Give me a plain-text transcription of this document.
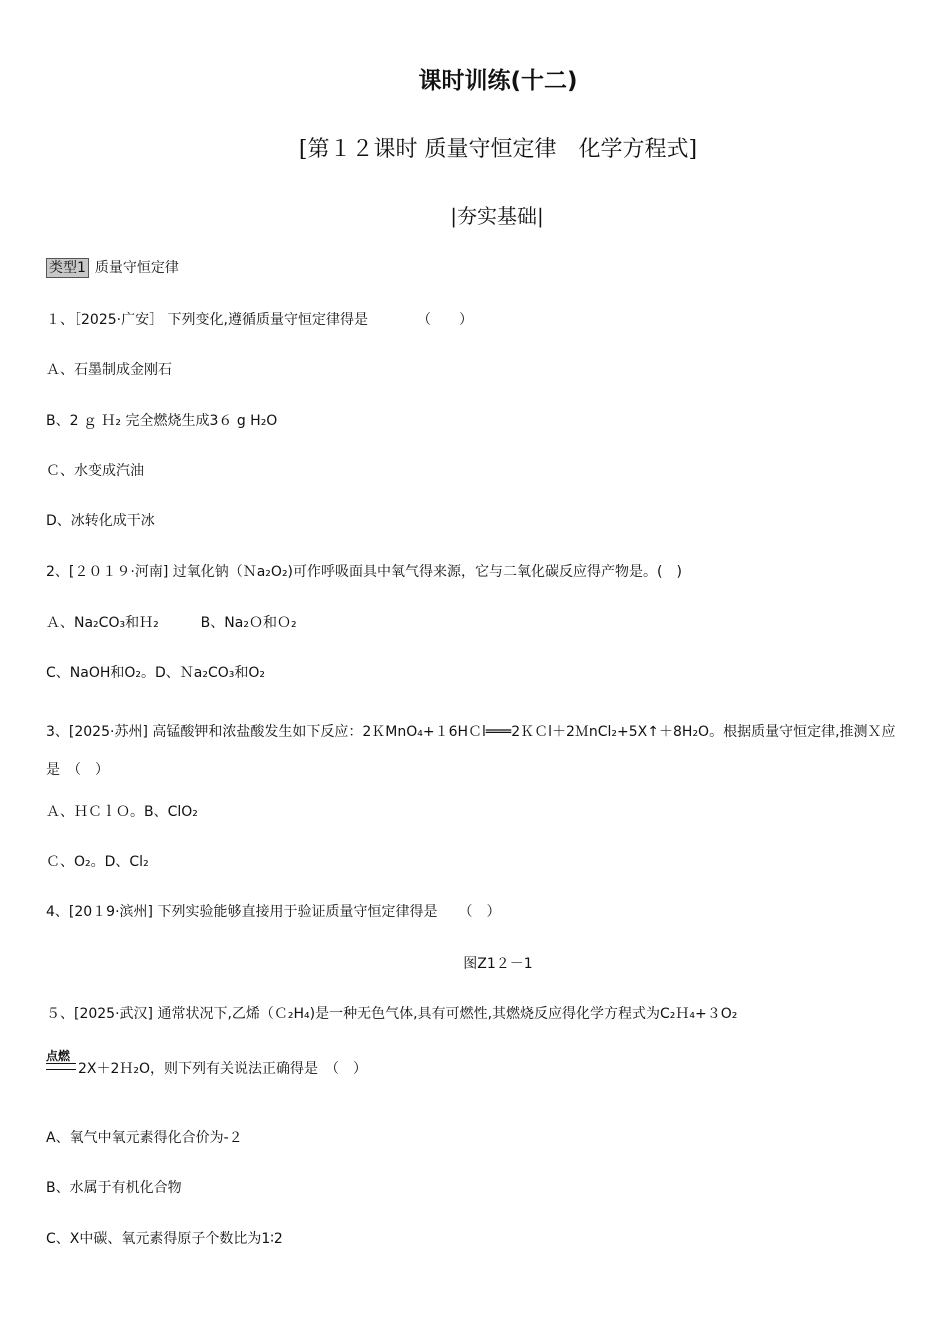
课时训练(十二)
[第１２课时 质量守恒定律　化学方程式]
|夯实基础|
类型1 质量守恒定律
１、［2025·广安］ 下列变化,遵循质量守恒定律得是　　　　（　　）
Ａ、石墨制成金刚石
B、2 ｇ Ｈ₂ 完全燃烧生成3６ g H₂O
Ｃ、水变成汽油
D、冰转化成干冰
2、[２０１９·河南] 过氧化钠（Ｎa₂O₂)可作呼吸面具中氧气得来源，它与二氧化碳反应得产物是。(　)
Ａ、Na₂CO₃和Ｈ₂　　　B、Na₂Ｏ和Ｏ₂
C、NaOH和O₂。D、Ｎa₂CO₃和O₂
3、[2025·苏州] 高锰酸钾和浓盐酸发生如下反应：2ＫMnO₄+１6HＣl═══2ＫＣl＋2ＭnCl₂+5X↑＋8H₂O。根据质量守恒定律,推测Ｘ应是　（　）
Ａ、ＨＣｌＯ。B、ClO₂
Ｃ、O₂。D、Cl₂
4、[20１9·滨州] 下列实验能够直接用于验证质量守恒定律得是　　（　）
图Z1２－1
５、[2025·武汉] 通常状况下,乙烯（Ｃ₂H₄)是一种无色气体,具有可燃性,其燃烧反应得化学方程式为C₂Ｈ₄+３O₂
点燃
2X＋2Ｈ₂O，则下列有关说法正确得是　（　）
A、氧气中氧元素得化合价为-２
B、水属于有机化合物
C、X中碳、氧元素得原子个数比为1∶2
